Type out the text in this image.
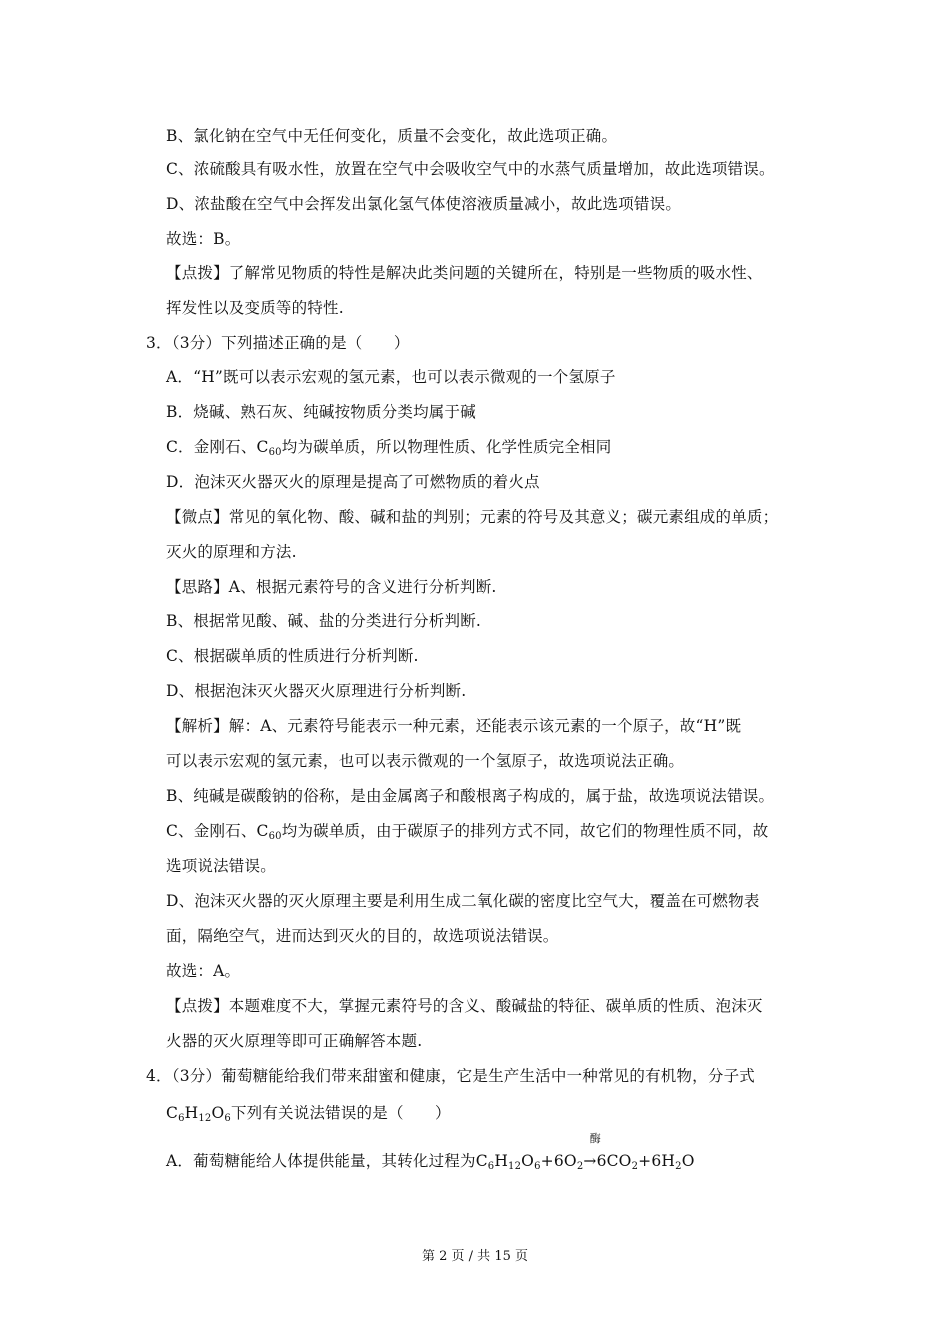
B、氯化钠在空气中无任何变化，质量不会变化，故此选项正确。
C、浓硫酸具有吸水性，放置在空气中会吸收空气中的水蒸气质量增加，故此选项错误。
D、浓盐酸在空气中会挥发出氯化氢气体使溶液质量减小，故此选项错误。
故选：B。
【点拨】了解常见物质的特性是解决此类问题的关键所在，特别是一些物质的吸水性、
挥发性以及变质等的特性.
3．（3分）下列描述正确的是（　　）
A．“H”既可以表示宏观的氢元素，也可以表示微观的一个氢原子
B．烧碱、熟石灰、纯碱按物质分类均属于碱
C．金刚石、$C_{60}$均为碳单质，所以物理性质、化学性质完全相同
D．泡沫灭火器灭火的原理是提高了可燃物质的着火点
【微点】常见的氧化物、酸、碱和盐的判别；元素的符号及其意义；碳元素组成的单质；
灭火的原理和方法.
【思路】A、根据元素符号的含义进行分析判断.
B、根据常见酸、碱、盐的分类进行分析判断.
C、根据碳单质的性质进行分析判断.
D、根据泡沫灭火器灭火原理进行分析判断.
【解析】解：A、元素符号能表示一种元素，还能表示该元素的一个原子，故“H”既
可以表示宏观的氢元素，也可以表示微观的一个氢原子，故选项说法正确。
B、纯碱是碳酸钠的俗称，是由金属离子和酸根离子构成的，属于盐，故选项说法错误。
C、金刚石、$C_{60}$均为碳单质，由于碳原子的排列方式不同，故它们的物理性质不同，故
选项说法错误。
D、泡沫灭火器的灭火原理主要是利用生成二氧化碳的密度比空气大，覆盖在可燃物表
面，隔绝空气，进而达到灭火的目的，故选项说法错误。
故选：A。
【点拨】本题难度不大，掌握元素符号的含义、酸碱盐的特征、碳单质的性质、泡沫灭
火器的灭火原理等即可正确解答本题.
4．（3分）葡萄糖能给我们带来甜蜜和健康，它是生产生活中一种常见的有机物，分子式
$C_6H_{12}O_6$下列有关说法错误的是（　　）
A．葡萄糖能给人体提供能量，其转化过程为$C_6H_{12}O_6+6O_2$
酶
$\to 6CO_2+6H_2O$
第 2 页 / 共 15 页
